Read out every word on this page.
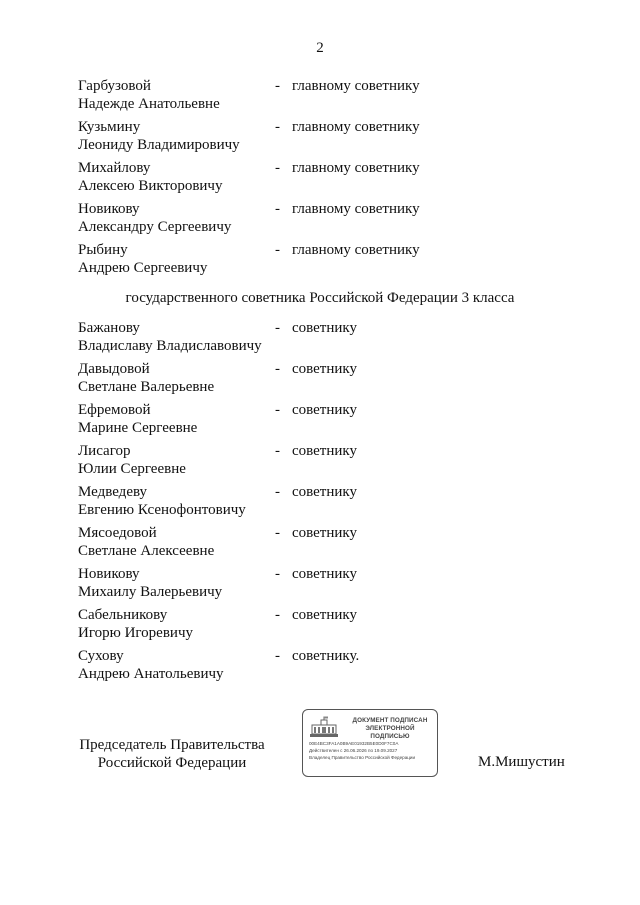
2
Гарбузовой
Надежде Анатольевне
- главному советнику
Кузьмину
Леониду Владимировичу
- главному советнику
Михайлову
Алексею Викторовичу
- главному советнику
Новикову
Александру Сергеевичу
- главному советнику
Рыбину
Андрею Сергеевичу
- главному советнику
государственного советника Российской Федерации 3 класса
Бажанову
Владиславу Владиславовичу
- советнику
Давыдовой
Светлане Валерьевне
- советнику
Ефремовой
Марине Сергеевне
- советнику
Лисагор
Юлии Сергеевне
- советнику
Медведеву
Евгению Ксенофонтовичу
- советнику
Мясоедовой
Светлане Алексеевне
- советнику
Новикову
Михаилу Валерьевичу
- советнику
Сабельникову
Игорю Игоревичу
- советнику
Сухову
Андрею Анатольевичу
- советнику.
Председатель Правительства
Российской Федерации
ДОКУМЕНТ ПОДПИСАН ЭЛЕКТРОННОЙ ПОДПИСЬЮ
00E4BC3FA1A0B9AE01932B5E0D0F7C0A
Действителен с 26.06.2026 по 19.09.2027
Владелец Правительство Российской Федерации	М.Мишустин
